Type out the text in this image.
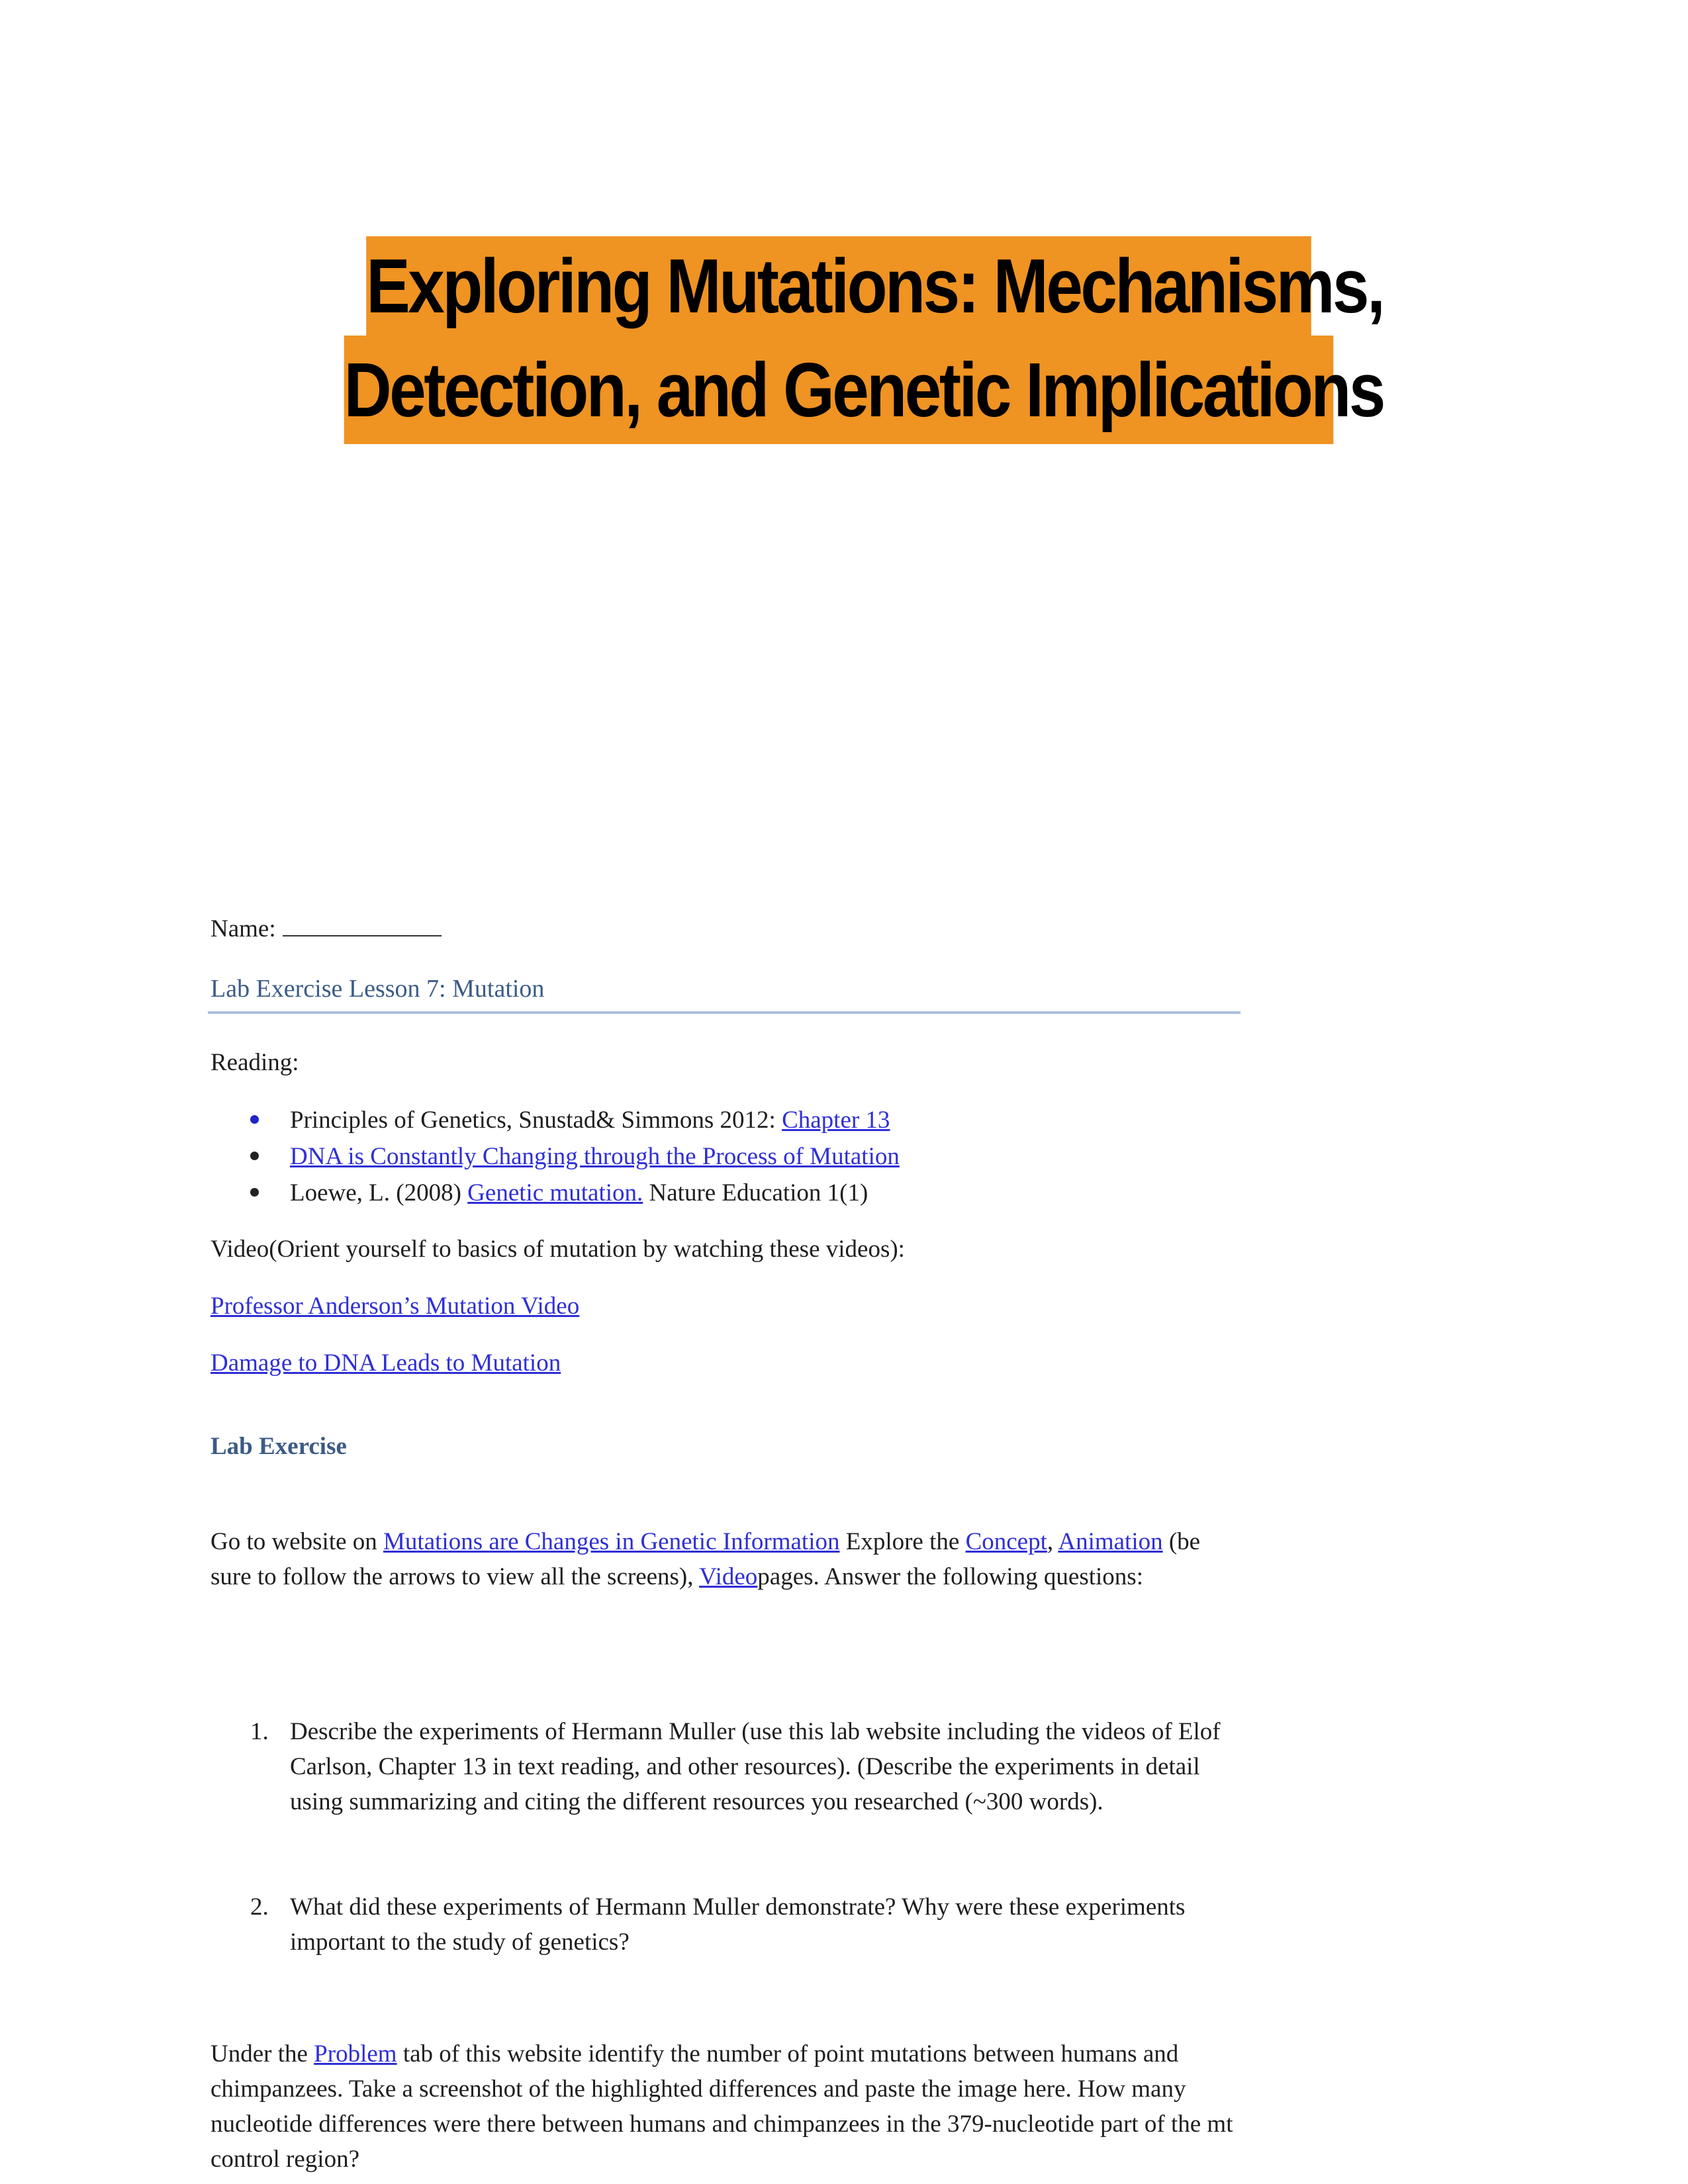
Exploring Mutations: Mechanisms,
Detection, and Genetic Implications
Name:
Lab Exercise Lesson 7: Mutation
Reading:
Principles of Genetics, Snustad& Simmons 2012: Chapter 13
DNA is Constantly Changing through the Process of Mutation
Loewe, L. (2008) Genetic mutation. Nature Education 1(1)
Video(Orient yourself to basics of mutation by watching these videos):
Professor Anderson’s Mutation Video
Damage to DNA Leads to Mutation
Lab Exercise
Go to website on Mutations are Changes in Genetic Information Explore the Concept, Animation (be sure to follow the arrows to view all the screens), Videopages. Answer the following questions:
1. Describe the experiments of Hermann Muller (use this lab website including the videos of Elof Carlson, Chapter 13 in text reading, and other resources). (Describe the experiments in detail using summarizing and citing the different resources you researched (~300 words).
2. What did these experiments of Hermann Muller demonstrate? Why were these experiments important to the study of genetics?
Under the Problem tab of this website identify the number of point mutations between humans and chimpanzees. Take a screenshot of the highlighted differences and paste the image here. How many nucleotide differences were there between humans and chimpanzees in the 379-nucleotide part of the mt control region?
